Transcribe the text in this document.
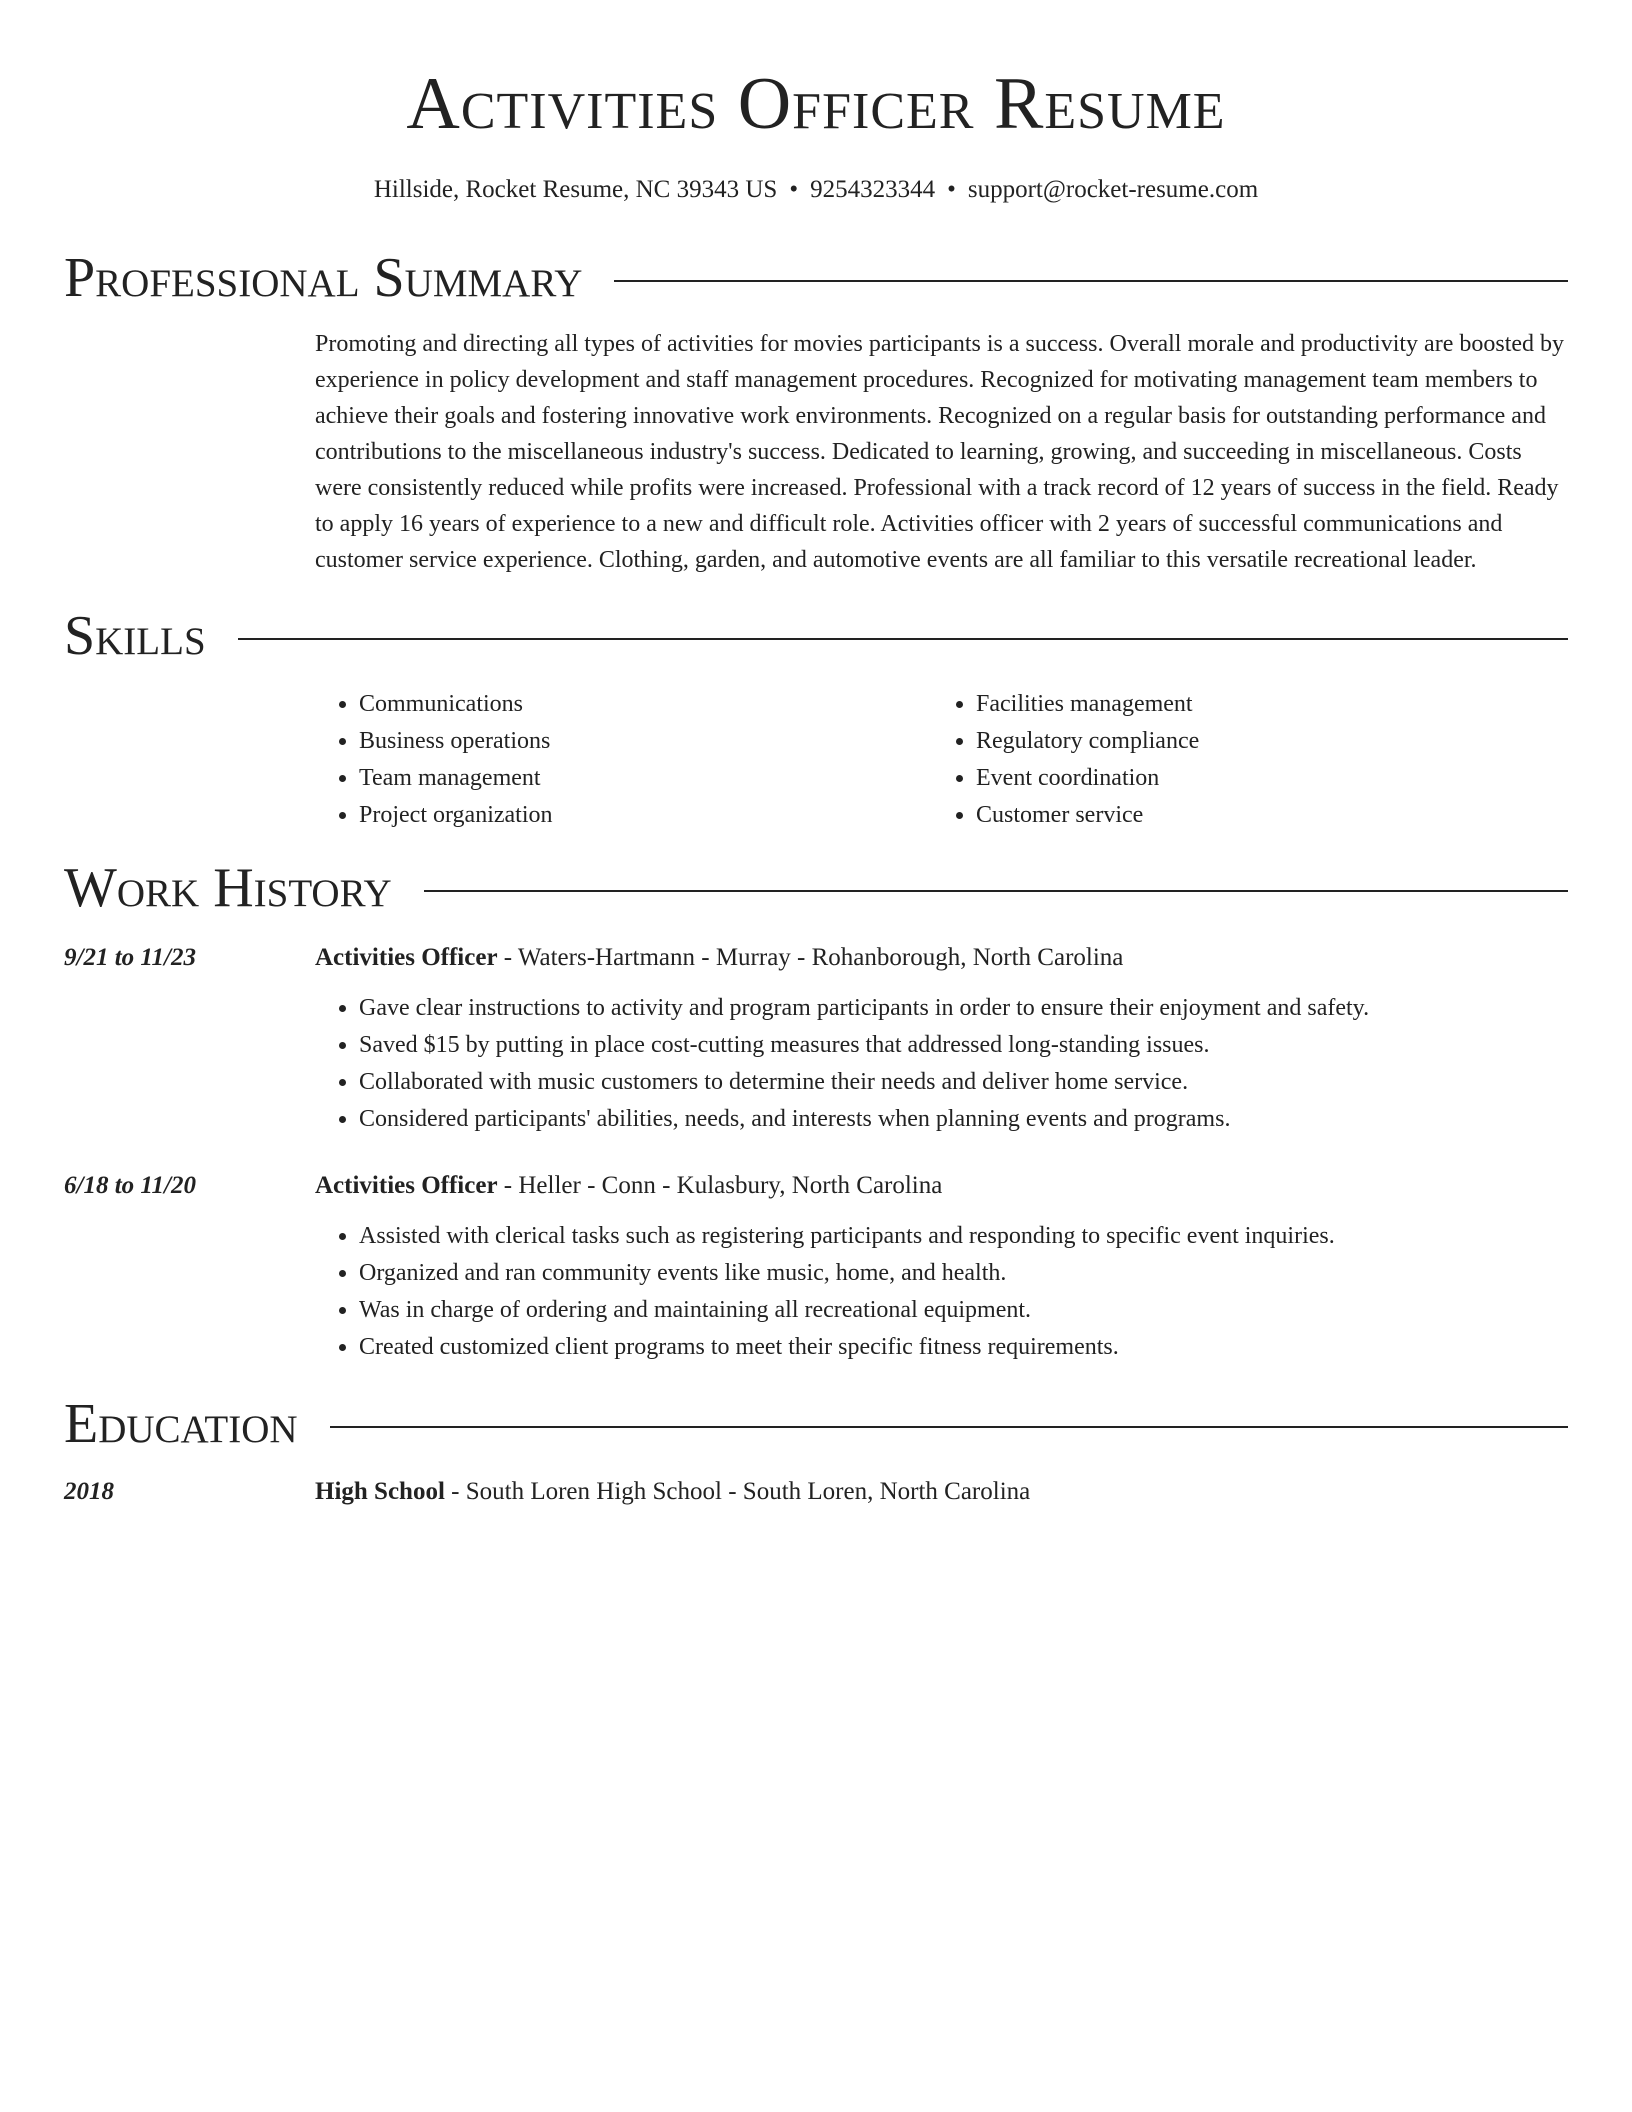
Activities Officer Resume
Hillside, Rocket Resume, NC 39343 US • 9254323344 • support@rocket-resume.com
Professional Summary
Promoting and directing all types of activities for movies participants is a success. Overall morale and productivity are boosted by experience in policy development and staff management procedures. Recognized for motivating management team members to achieve their goals and fostering innovative work environments. Recognized on a regular basis for outstanding performance and contributions to the miscellaneous industry's success. Dedicated to learning, growing, and succeeding in miscellaneous. Costs were consistently reduced while profits were increased. Professional with a track record of 12 years of success in the field. Ready to apply 16 years of experience to a new and difficult role. Activities officer with 2 years of successful communications and customer service experience. Clothing, garden, and automotive events are all familiar to this versatile recreational leader.
Skills
• Communications
• Business operations
• Team management
• Project organization
• Facilities management
• Regulatory compliance
• Event coordination
• Customer service
Work History
9/21 to 11/23	Activities Officer - Waters-Hartmann - Murray - Rohanborough, North Carolina
• Gave clear instructions to activity and program participants in order to ensure their enjoyment and safety.
• Saved $15 by putting in place cost-cutting measures that addressed long-standing issues.
• Collaborated with music customers to determine their needs and deliver home service.
• Considered participants' abilities, needs, and interests when planning events and programs.
6/18 to 11/20	Activities Officer - Heller - Conn - Kulasbury, North Carolina
• Assisted with clerical tasks such as registering participants and responding to specific event inquiries.
• Organized and ran community events like music, home, and health.
• Was in charge of ordering and maintaining all recreational equipment.
• Created customized client programs to meet their specific fitness requirements.
Education
2018	High School - South Loren High School - South Loren, North Carolina
